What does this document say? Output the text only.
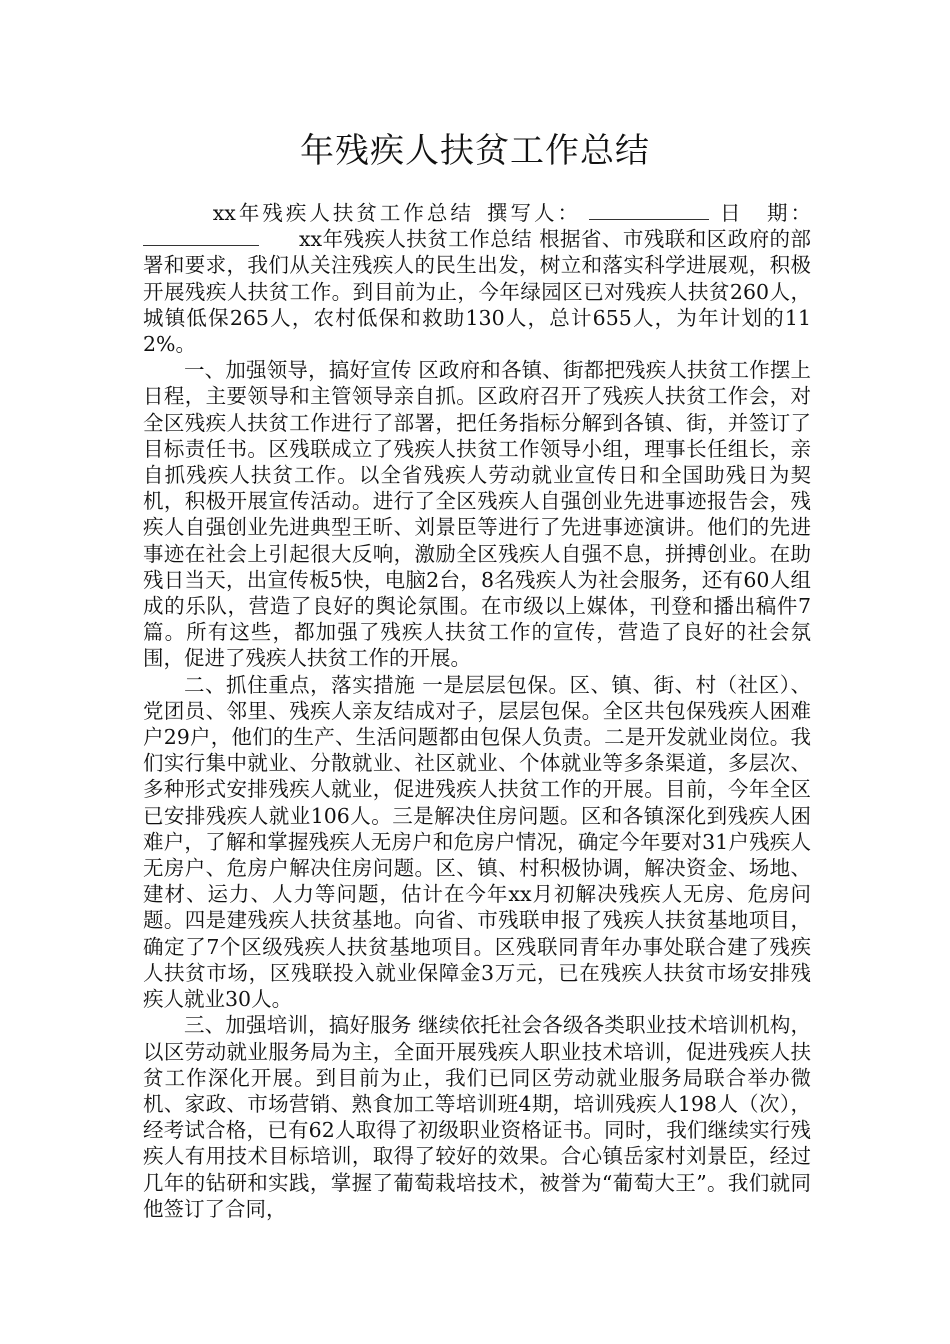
年残疾人扶贫工作总结

xx年残疾人扶贫工作总结 撰写人：	日　期：xx年残疾人扶贫工作总结 根据省、市残联和区政府的部署和要求，我们从关注残疾人的民生出发，树立和落实科学进展观，积极开展残疾人扶贫工作。到目前为止，今年绿园区已对残疾人扶贫260人，城镇低保265人，农村低保和救助130人，总计655人，为年计划的112%。

一、加强领导，搞好宣传 区政府和各镇、街都把残疾人扶贫工作摆上日程，主要领导和主管领导亲自抓。区政府召开了残疾人扶贫工作会，对全区残疾人扶贫工作进行了部署，把任务指标分解到各镇、街，并签订了目标责任书。区残联成立了残疾人扶贫工作领导小组，理事长任组长，亲自抓残疾人扶贫工作。以全省残疾人劳动就业宣传日和全国助残日为契机，积极开展宣传活动。进行了全区残疾人自强创业先进事迹报告会，残疾人自强创业先进典型王昕、刘景臣等进行了先进事迹演讲。他们的先进事迹在社会上引起很大反响，激励全区残疾人自强不息，拼搏创业。在助残日当天，出宣传板5快，电脑2台，8名残疾人为社会服务，还有60人组成的乐队，营造了良好的舆论氛围。在市级以上媒体，刊登和播出稿件7篇。所有这些，都加强了残疾人扶贫工作的宣传，营造了良好的社会氛围，促进了残疾人扶贫工作的开展。

二、抓住重点，落实措施 一是层层包保。区、镇、街、村（社区）、党团员、邻里、残疾人亲友结成对子，层层包保。全区共包保残疾人困难户29户，他们的生产、生活问题都由包保人负责。二是开发就业岗位。我们实行集中就业、分散就业、社区就业、个体就业等多条渠道，多层次、多种形式安排残疾人就业，促进残疾人扶贫工作的开展。目前，今年全区已安排残疾人就业106人。三是解决住房问题。区和各镇深化到残疾人困难户，了解和掌握残疾人无房户和危房户情况，确定今年要对31户残疾人无房户、危房户解决住房问题。区、镇、村积极协调，解决资金、场地、建材、运力、人力等问题，估计在今年xx月初解决残疾人无房、危房问题。四是建残疾人扶贫基地。向省、市残联申报了残疾人扶贫基地项目，确定了7个区级残疾人扶贫基地项目。区残联同青年办事处联合建了残疾人扶贫市场，区残联投入就业保障金3万元，已在残疾人扶贫市场安排残疾人就业30人。

三、加强培训，搞好服务 继续依托社会各级各类职业技术培训机构，以区劳动就业服务局为主，全面开展残疾人职业技术培训，促进残疾人扶贫工作深化开展。到目前为止，我们已同区劳动就业服务局联合举办微机、家政、市场营销、熟食加工等培训班4期，培训残疾人198人（次），经考试合格，已有62人取得了初级职业资格证书。同时，我们继续实行残疾人有用技术目标培训，取得了较好的效果。合心镇岳家村刘景臣，经过几年的钻研和实践，掌握了葡萄栽培技术，被誉为“葡萄大王”。我们就同他签订了合同，
